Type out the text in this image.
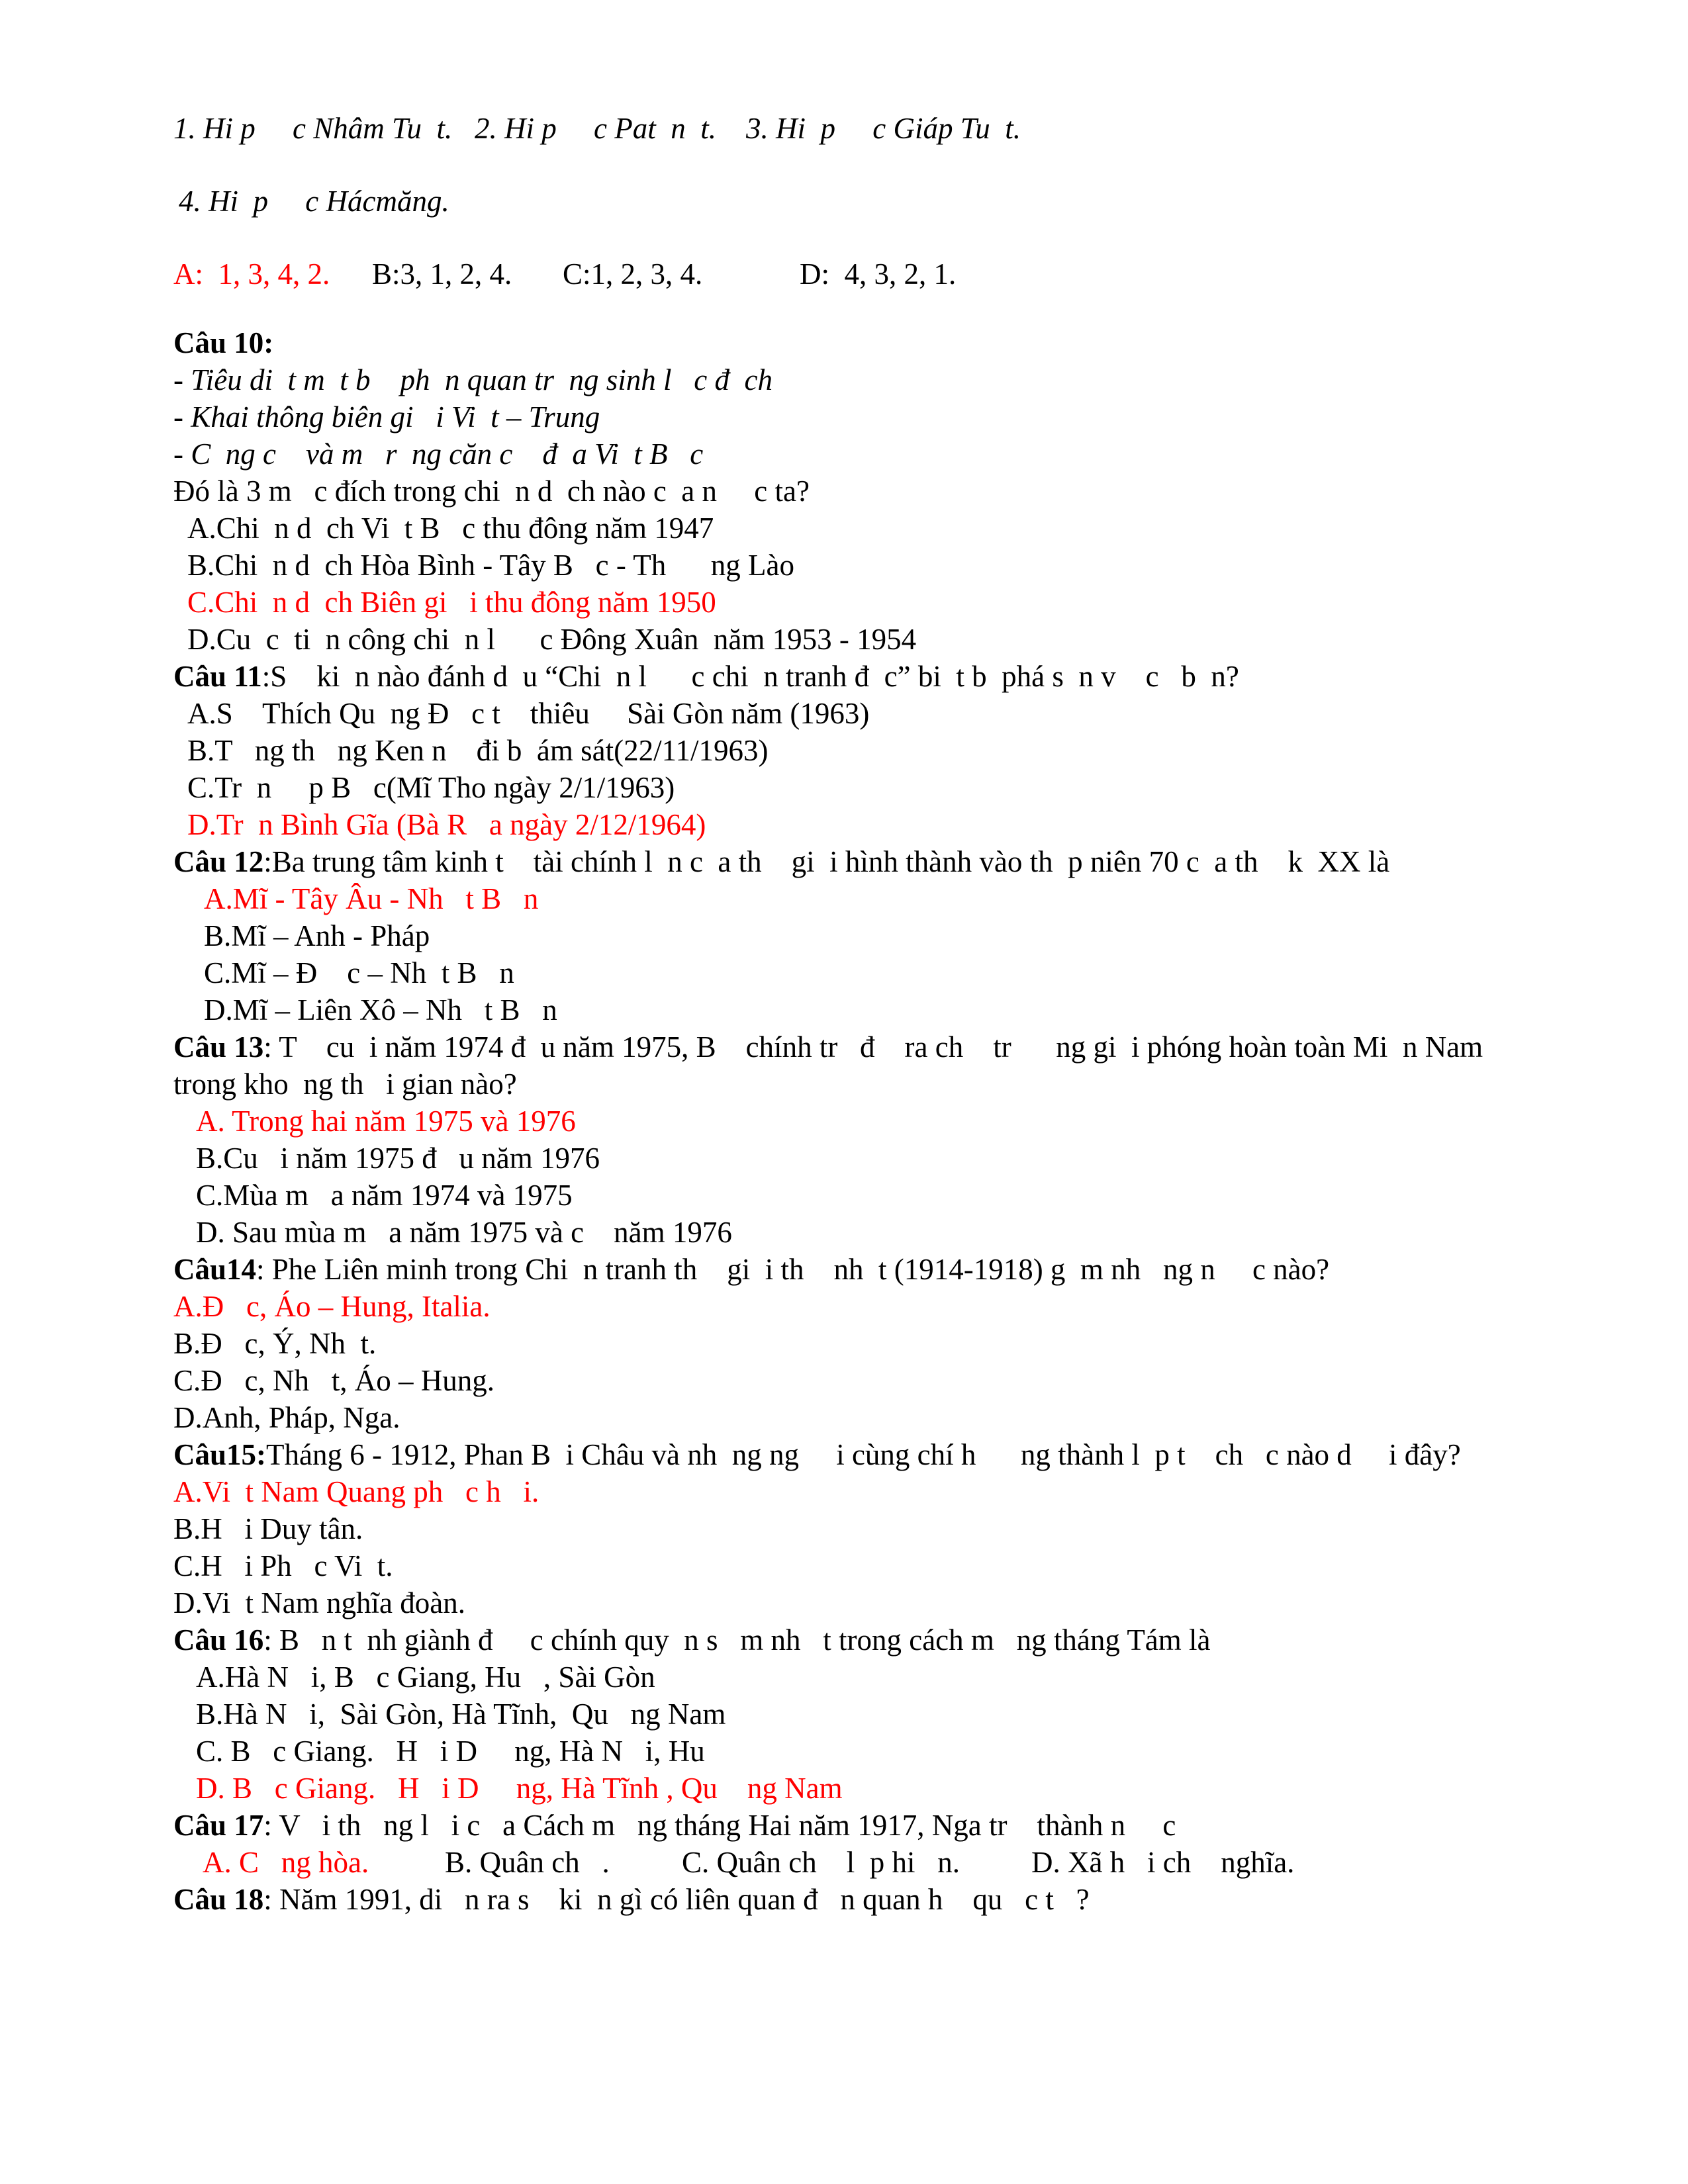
1. Hi p     c Nhâm Tu  t.   2. Hi p     c Pat  n  t.    3. Hi  p     c Giáp Tu  t.
4. Hi  p     c Hácmăng.

A:  1, 3, 4, 2.

B:3, 1, 2, 4.

C:1, 2, 3, 4.

	D:  4, 3, 2, 1.

Câu 10:
- Tiêu di  t m  t b    ph  n quan tr  ng sinh l   c đ  ch
- Khai thông biên gi   i Vi  t – Trung
- C  ng c    và m   r  ng căn c    đ  a Vi  t B   c
Đó là 3 m   c đích trong chi  n d  ch nào c  a n     c ta?
A.Chi  n d  ch Vi  t B   c thu đông năm 1947
B.Chi  n d  ch Hòa Bình - Tây B   c - Th      ng Lào
C.Chi  n d  ch Biên gi   i thu đông năm 1950
D.Cu  c  ti  n công chi  n l      c Đông Xuân  năm 1953 - 1954
Câu 11:S    ki  n nào đánh d  u “Chi  n l      c chi  n tranh đ  c” bi  t b  phá s  n v    c   b  n?
A.S    Thích Qu  ng Đ   c t    thiêu     Sài Gòn năm (1963)
B.T   ng th   ng Ken n    đi b  ám sát(22/11/1963)
C.Tr  n     p B   c(Mĩ Tho ngày 2/1/1963)
D.Tr  n Bình Gĩa (Bà R   a ngày 2/12/1964)
Câu 12:Ba trung tâm kinh t    tài chính l  n c  a th    gi  i hình thành vào th  p niên 70 c  a th    k  XX là
A.Mĩ - Tây Âu - Nh   t B   n
B.Mĩ – Anh - Pháp
C.Mĩ – Đ    c – Nh  t B   n
D.Mĩ – Liên Xô – Nh   t B   n
Câu 13: T    cu  i năm 1974 đ  u năm 1975, B    chính tr   đ    ra ch    tr      ng gi  i phóng hoàn toàn Mi  n Nam
trong kho  ng th   i gian nào?
A. Trong hai năm 1975 và 1976
B.Cu   i năm 1975 đ   u năm 1976
C.Mùa m   a năm 1974 và 1975
D. Sau mùa m   a năm 1975 và c    năm 1976
Câu14: Phe Liên minh trong Chi  n tranh th    gi  i th    nh  t (1914-1918) g  m nh   ng n     c nào?
A.Đ   c, Áo – Hung, Italia.
B.Đ   c, Ý, Nh  t.
C.Đ   c, Nh   t, Áo – Hung.
D.Anh, Pháp, Nga.
Câu15:Tháng 6 - 1912, Phan B  i Châu và nh  ng ng     i cùng chí h      ng thành l  p t    ch   c nào d     i đây?
A.Vi  t Nam Quang ph   c h   i.
B.H   i Duy tân.
C.H   i Ph   c Vi  t.
D.Vi  t Nam nghĩa đoàn.
Câu 16: B   n t  nh giành đ     c chính quy  n s   m nh   t trong cách m   ng tháng Tám là
A.Hà N   i, B   c Giang, Hu   , Sài Gòn
B.Hà N   i,  Sài Gòn, Hà Tĩnh,  Qu   ng Nam
C. B   c Giang.   H   i D     ng, Hà N   i, Hu
D. B   c Giang.   H   i D     ng, Hà Tĩnh , Qu    ng Nam
Câu 17: V   i th   ng l   i c   a Cách m   ng tháng Hai năm 1917, Nga tr    thành n     c

A. C   ng hòa.

	B. Quân ch   .

C. Quân ch    l  p hi   n.

D. Xã h   i ch    nghĩa.

Câu 18: Năm 1991, di   n ra s    ki  n gì có liên quan đ   n quan h    qu   c t   ?
